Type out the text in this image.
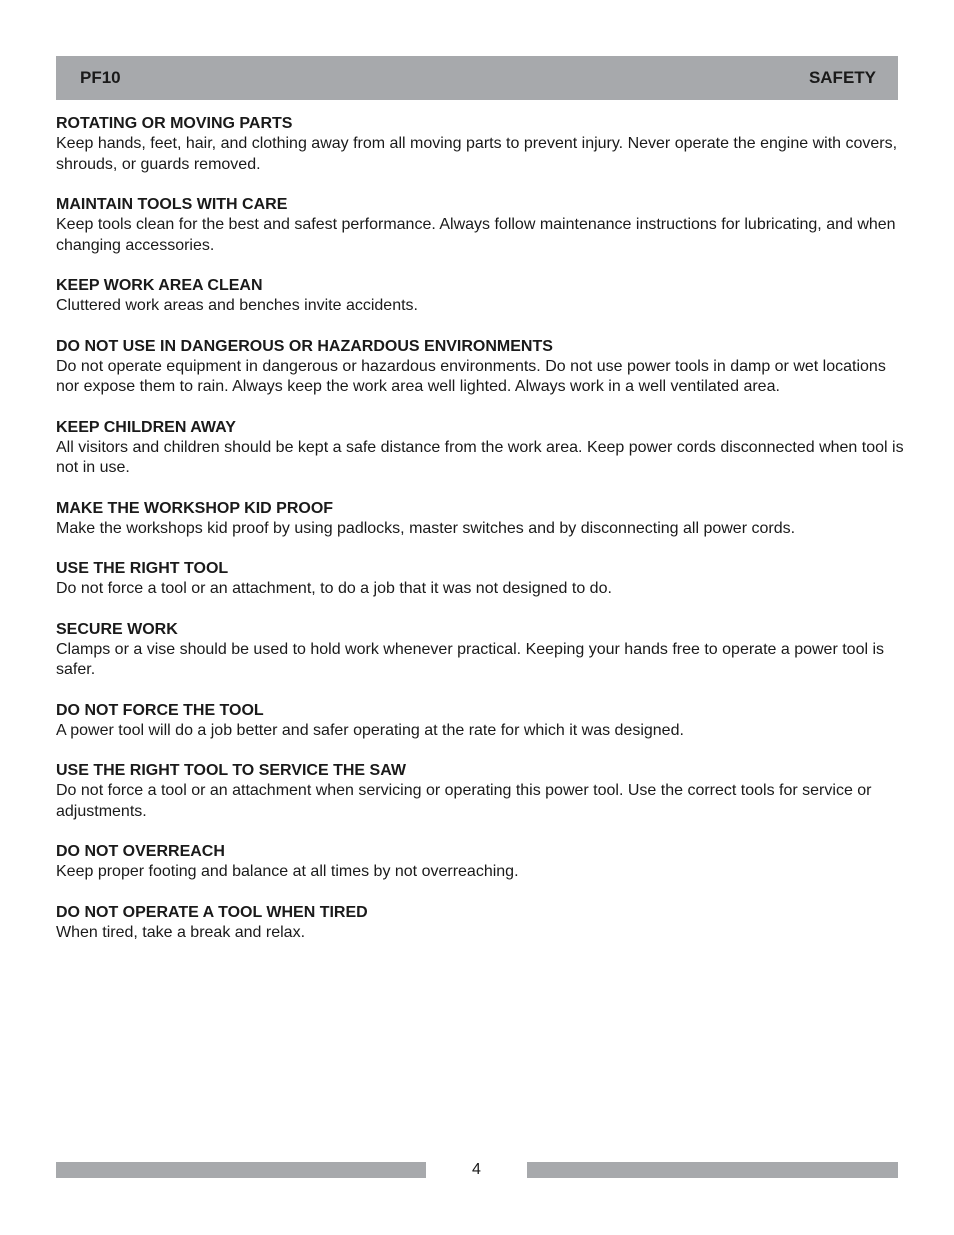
PF10	SAFETY
ROTATING OR MOVING PARTS

Keep hands, feet, hair, and clothing away from all moving parts to prevent injury. Never operate the engine with covers, shrouds, or guards removed.

MAINTAIN TOOLS WITH CARE

Keep tools clean for the best and safest performance. Always follow maintenance instructions for lubricating, and when changing accessories.

KEEP WORK AREA CLEAN

Cluttered work areas and benches invite accidents.

DO NOT USE IN DANGEROUS OR HAZARDOUS ENVIRONMENTS

Do not operate equipment in dangerous or hazardous environments. Do not use power tools in damp or wet locations nor expose them to rain. Always keep the work area well lighted. Always work in a well ventilated area.

KEEP CHILDREN AWAY

All visitors and children should be kept a safe distance from the work area. Keep power cords disconnected when tool is not in use.

MAKE THE WORKSHOP KID PROOF

Make the workshops kid proof by using padlocks, master switches and by disconnecting all power cords.

USE THE RIGHT TOOL

Do not force a tool or an attachment, to do a job that it was not designed to do.

SECURE WORK

Clamps or a vise should be used to hold work whenever practical. Keeping your hands free to operate a power tool is safer.

DO NOT FORCE THE TOOL

A power tool will do a job better and safer operating at the rate for which it was designed.

USE THE RIGHT TOOL TO SERVICE THE SAW

Do not force a tool or an attachment when servicing or operating this power tool. Use the correct tools for service or adjustments.

DO NOT OVERREACH

Keep proper footing and balance at all times by not overreaching.

DO NOT OPERATE A TOOL WHEN TIRED

When tired, take a break and relax.

4
